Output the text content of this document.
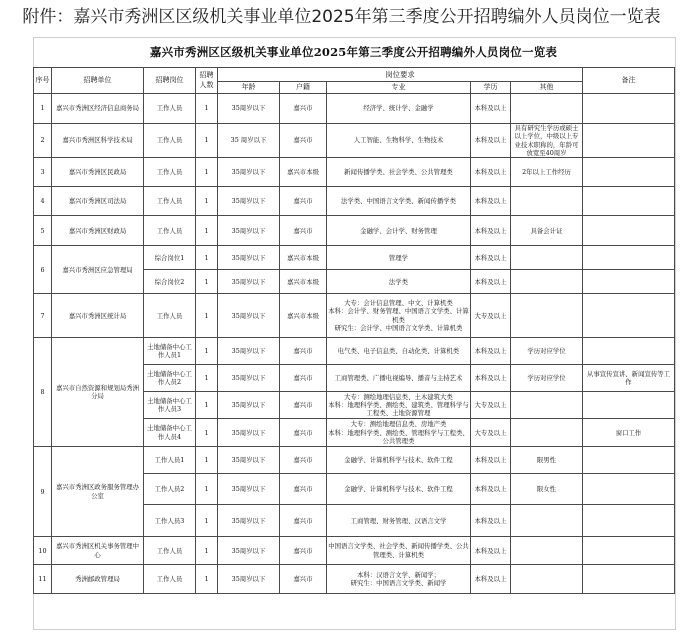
附件：嘉兴市秀洲区区级机关事业单位2025年第三季度公开招聘编外人员岗位一览表
嘉兴市秀洲区区级机关事业单位2025年第三季度公开招聘编外人员岗位一览表
序号	招聘单位	招聘岗位	招聘人数	岗位要求					备注
				年龄	户籍	专业	学历	其他	
1	嘉兴市秀洲区经济信息商务局	工作人员	1	35周岁以下	嘉兴市	经济学、统计学、金融学	本科及以上		
2	嘉兴市秀洲区科学技术局	工作人员	1	35 周岁以下	嘉兴市	人工智能、生物科学、生物技术	本科及以上	具有研究生学历或硕士以上学位，中级以上专业技术职称的，年龄可放宽至40周岁	
3	嘉兴市秀洲区民政局	工作人员	1	35周岁以下	嘉兴市本级	新闻传播学类、社会学类、公共管理类	本科及以上	2年以上工作经历	
4	嘉兴市秀洲区司法局	工作人员	1	35周岁以下	嘉兴市	法学类、中国语言文学类、新闻传播学类	本科及以上		
5	嘉兴市秀洲区财政局	工作人员	1	35周岁以下	嘉兴市	金融学、会计学、财务管理	本科及以上	具备会计证	
6	嘉兴市秀洲区应急管理局	综合岗位1	1	35周岁以下	嘉兴市本级	管理学	本科及以上		
		综合岗位2	1	35周岁以下	嘉兴市本级	法学类	本科及以上		
7	嘉兴市秀洲区统计局	工作人员	1	35周岁以下	嘉兴市本级	大专：会计信息管理、中文、计算机类
本科：会计学、财务管理、中国语言文学类、计算机类
研究生：会计学、中国语言文学类、计算机类	大专及以上		
8	嘉兴市自然资源和规划局秀洲分局	土地储备中心工作人员1	1	35周岁以下	嘉兴市	电气类、电子信息类、自动化类、计算机类	本科及以上	学历对应学位	
		土地储备中心工作人员2	1	35周岁以下	嘉兴市	工商管理类、广播电视编导、播音与主持艺术	本科及以上	学历对应学位	从事宣传宣讲、新闻宣传等工作
		土地储备中心工作人员3	1	35周岁以下	嘉兴市	大专：测绘地理信息类、土木建筑大类
本科：地理科学类、测绘类、建筑类、管理科学与工程类、土地资源管理	大专及以上		
		土地储备中心工作人员4	1	35周岁以下	嘉兴市	大专：测绘地理信息类、房地产类
本科：地理科学类、测绘类、管理科学与工程类、公共管理类	大专及以上		窗口工作
9	嘉兴市秀洲区政务服务管理办公室	工作人员1	1	35周岁以下	嘉兴市	金融学、计算机科学与技术、软件工程	本科及以上	限男性	
		工作人员2	1	35周岁以下	嘉兴市	金融学、计算机科学与技术、软件工程	本科及以上	限女性	
		工作人员3	1	35周岁以下	嘉兴市	工商管理、财务管理、汉语言文学	本科及以上		
10	嘉兴市秀洲区机关事务管理中心	工作人员	1	35周岁以下	嘉兴市	中国语言文学类、社会学类、新闻传播学类、公共管理类、计算机类	本科及以上		
11	秀洲邮政管理局	工作人员	1	35周岁以下	嘉兴市	本科：汉语言文学、新闻学；
研究生：中国语言文学类、新闻学	本科及以上		
